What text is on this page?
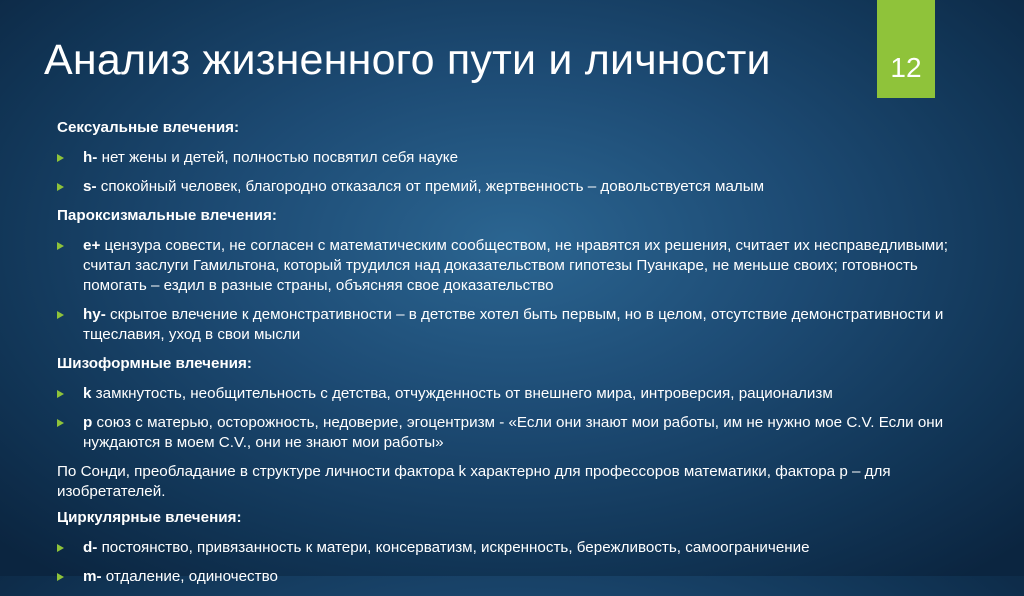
Анализ жизненного пути и личности	12
Сексуальные влечения:
h- нет жены и детей, полностью посвятил себя науке
s- спокойный человек, благородно отказался от премий, жертвенность – довольствуется малым
Пароксизмальные влечения:
e+ цензура совести, не согласен с математическим сообществом, не нравятся их решения, считает их несправедливыми; считал заслуги Гамильтона, который трудился над доказательством гипотезы Пуанкаре, не меньше своих; готовность помогать – ездил в разные страны, объясняя свое доказательство
hy- скрытое влечение к демонстративности – в детстве хотел быть первым, но в целом, отсутствие демонстративности и тщеславия, уход в свои мысли
Шизоформные влечения:
k замкнутость, необщительность с детства, отчужденность от внешнего мира, интроверсия, рационализм
p союз с матерью, осторожность, недоверие, эгоцентризм - «Если они знают мои работы, им не нужно мое C.V. Если они нуждаются в моем C.V., они не знают мои работы»
По Сонди, преобладание в структуре личности фактора k характерно для профессоров математики, фактора p – для изобретателей.
Циркулярные влечения:
d- постоянство, привязанность к матери, консерватизм, искренность, бережливость, самоограничение
m- отдаление, одиночество
